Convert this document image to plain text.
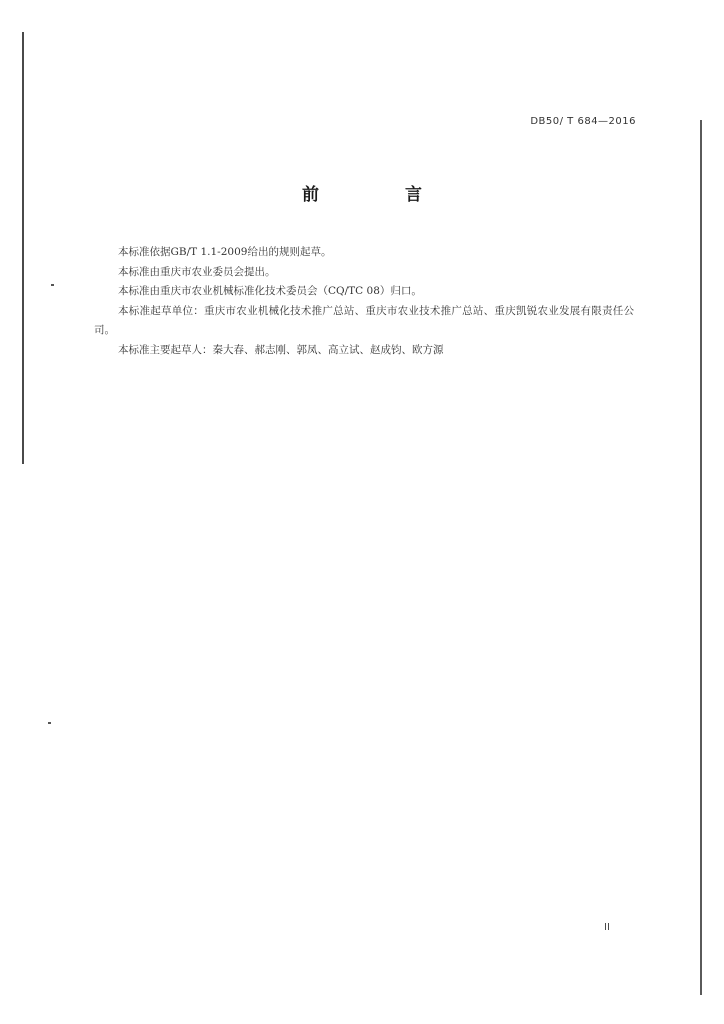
DB50/ T 684—2016
前 言

本标准依据GB/T 1.1-2009给出的规则起草。

本标准由重庆市农业委员会提出。

本标准由重庆市农业机械标准化技术委员会（CQ/TC 08）归口。

本标准起草单位：重庆市农业机械化技术推广总站、重庆市农业技术推广总站、重庆凯锐农业发展有限责任公司。

本标准主要起草人：秦大春、郝志刚、郭凤、高立试、赵成钧、欧方源

II
